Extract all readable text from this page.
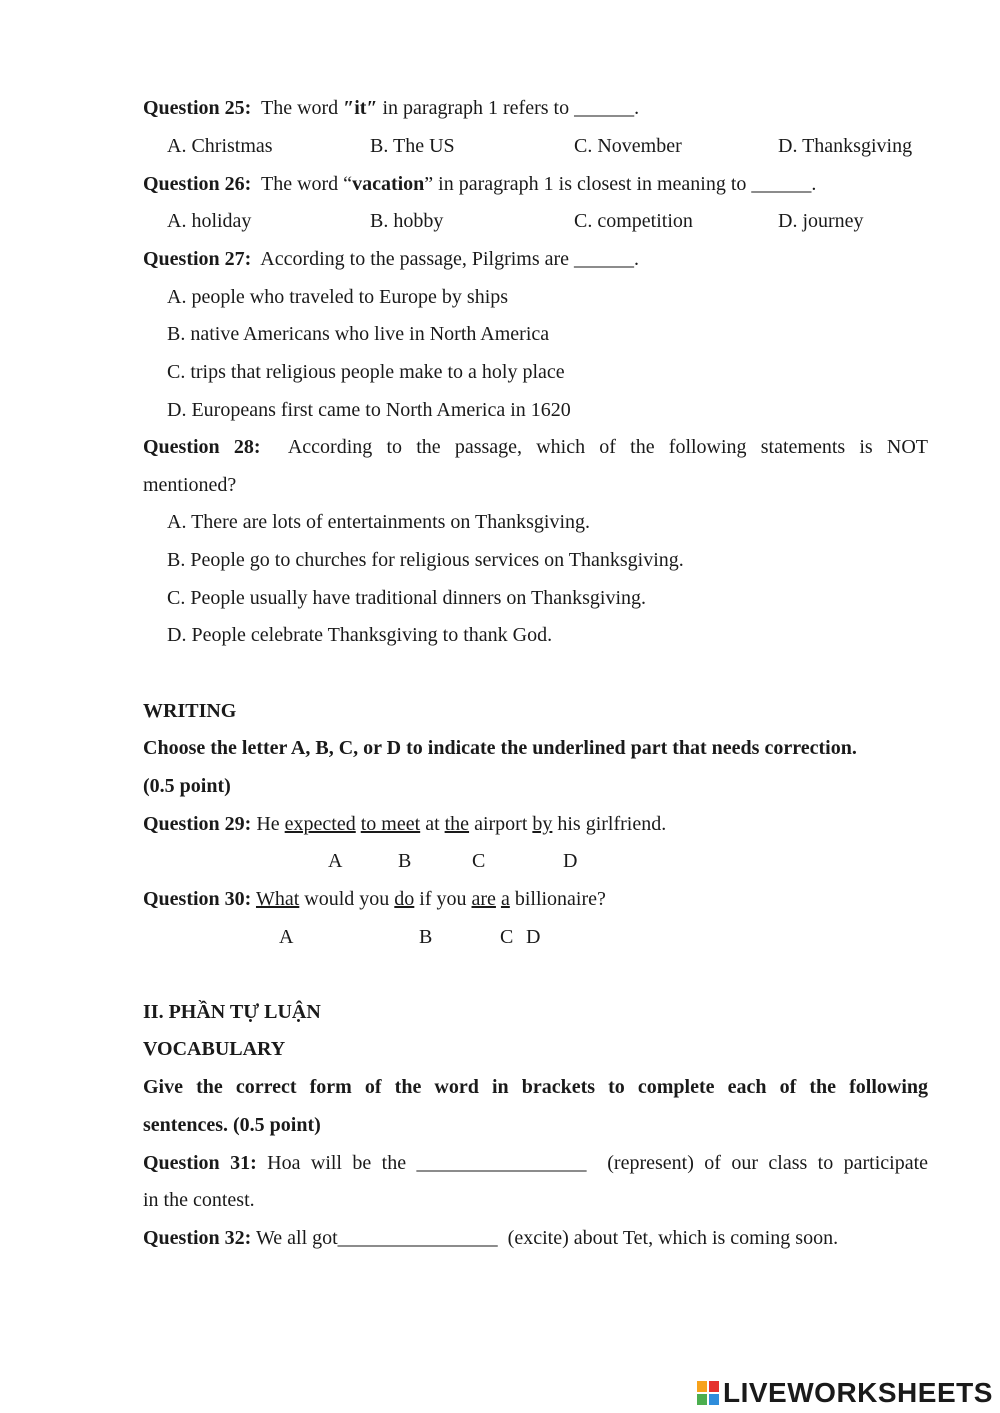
Question 25: The word ″it″ in paragraph 1 refers to ______.
A. Christmas	B. The US	C. November	D. Thanksgiving
Question 26: The word “vacation” in paragraph 1 is closest in meaning to ______.
A. holiday	B. hobby	C. competition	D. journey
Question 27: According to the passage, Pilgrims are ______.
A. people who traveled to Europe by ships
B. native Americans who live in North America
C. trips that religious people make to a holy place
D. Europeans first came to North America in 1620
Question 28: According to the passage, which of the following statements is NOT
mentioned?
A. There are lots of entertainments on Thanksgiving.
B. People go to churches for religious services on Thanksgiving.
C. People usually have traditional dinners on Thanksgiving.
D. People celebrate Thanksgiving to thank God.
WRITING
Choose the letter A, B, C, or D to indicate the underlined part that needs correction.
(0.5 point)
Question 29: He expected to meet at the airport by his girlfriend.
A	B	C	D
Question 30: What would you do if you are a billionaire?
A	B	C D
II. PHẦN TỰ LUẬN
VOCABULARY
Give the correct form of the word in brackets to complete each of the following
sentences. (0.5 point)
Question 31: Hoa will be the _________________  (represent) of our class to participate
in the contest.
Question 32: We all got________________  (excite) about Tet, which is coming soon.
LIVEWORKSHEETS
